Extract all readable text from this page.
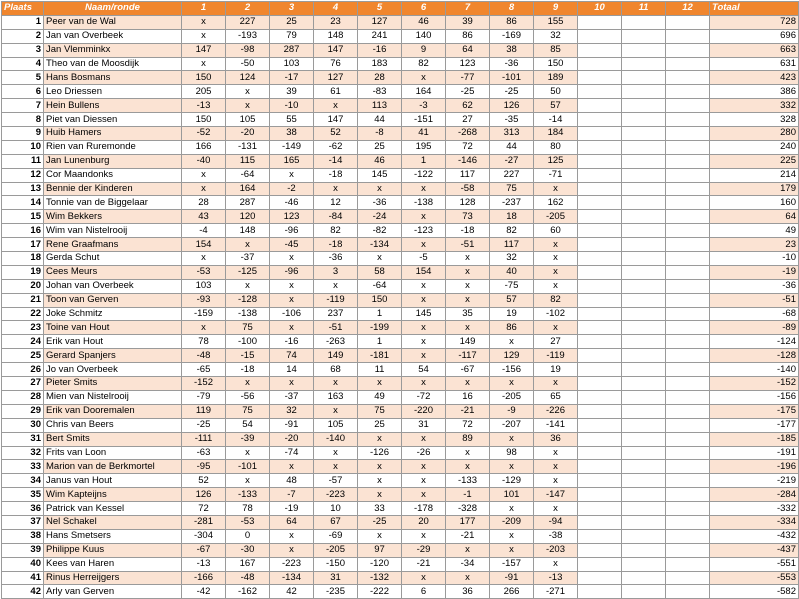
Plaats	Naam/ronde	1	2	3	4	5	6	7	8	9	10	11	12	Totaal
1	Peer van de Wal	x	227	25	23	127	46	39	86	155				728
2	Jan van Overbeek	x	-193	79	148	241	140	86	-169	32				696
3	Jan Vlemminkx	147	-98	287	147	-16	9	64	38	85				663
4	Theo van de Moosdijk	x	-50	103	76	183	82	123	-36	150				631
5	Hans Bosmans	150	124	-17	127	28	x	-77	-101	189				423
6	Leo Driessen	205	x	39	61	-83	164	-25	-25	50				386
7	Hein Bullens	-13	x	-10	x	113	-3	62	126	57				332
8	Piet van Diessen	150	105	55	147	44	-151	27	-35	-14				328
9	Huib Hamers	-52	-20	38	52	-8	41	-268	313	184				280
10	Rien van Ruremonde	166	-131	-149	-62	25	195	72	44	80				240
11	Jan Lunenburg	-40	115	165	-14	46	1	-146	-27	125				225
12	Cor Maandonks	x	-64	x	-18	145	-122	117	227	-71				214
13	Bennie der Kinderen	x	164	-2	x	x	x	-58	75	x				179
14	Tonnie van de Biggelaar	28	287	-46	12	-36	-138	128	-237	162				160
15	Wim Bekkers	43	120	123	-84	-24	x	73	18	-205				64
16	Wim van Nistelrooij	-4	148	-96	82	-82	-123	-18	82	60				49
17	Rene Graafmans	154	x	-45	-18	-134	x	-51	117	x				23
18	Gerda Schut	x	-37	x	-36	x	-5	x	32	x				-10
19	Cees Meurs	-53	-125	-96	3	58	154	x	40	x				-19
20	Johan van Overbeek	103	x	x	x	-64	x	x	-75	x				-36
21	Toon van Gerven	-93	-128	x	-119	150	x	x	57	82				-51
22	Joke Schmitz	-159	-138	-106	237	1	145	35	19	-102				-68
23	Toine van Hout	x	75	x	-51	-199	x	x	86	x				-89
24	Erik van Hout	78	-100	-16	-263	1	x	149	x	27				-124
25	Gerard Spanjers	-48	-15	74	149	-181	x	-117	129	-119				-128
26	Jo van Overbeek	-65	-18	14	68	11	54	-67	-156	19				-140
27	Pieter Smits	-152	x	x	x	x	x	x	x	x				-152
28	Mien van Nistelrooij	-79	-56	-37	163	49	-72	16	-205	65				-156
29	Erik van Dooremalen	119	75	32	x	75	-220	-21	-9	-226				-175
30	Chris van Beers	-25	54	-91	105	25	31	72	-207	-141				-177
31	Bert Smits	-111	-39	-20	-140	x	x	89	x	36				-185
32	Frits van Loon	-63	x	-74	x	-126	-26	x	98	x				-191
33	Marion van de Berkmortel	-95	-101	x	x	x	x	x	x	x				-196
34	Janus van Hout	52	x	48	-57	x	x	-133	-129	x				-219
35	Wim Kapteijns	126	-133	-7	-223	x	x	-1	101	-147				-284
36	Patrick van Kessel	72	78	-19	10	33	-178	-328	x	x				-332
37	Nel Schakel	-281	-53	64	67	-25	20	177	-209	-94				-334
38	Hans Smetsers	-304	0	x	-69	x	x	-21	x	-38				-432
39	Philippe Kuus	-67	-30	x	-205	97	-29	x	x	-203				-437
40	Kees van Haren	-13	167	-223	-150	-120	-21	-34	-157	x				-551
41	Rinus Herreijgers	-166	-48	-134	31	-132	x	x	-91	-13				-553
42	Arly van Gerven	-42	-162	42	-235	-222	6	36	266	-271				-582
